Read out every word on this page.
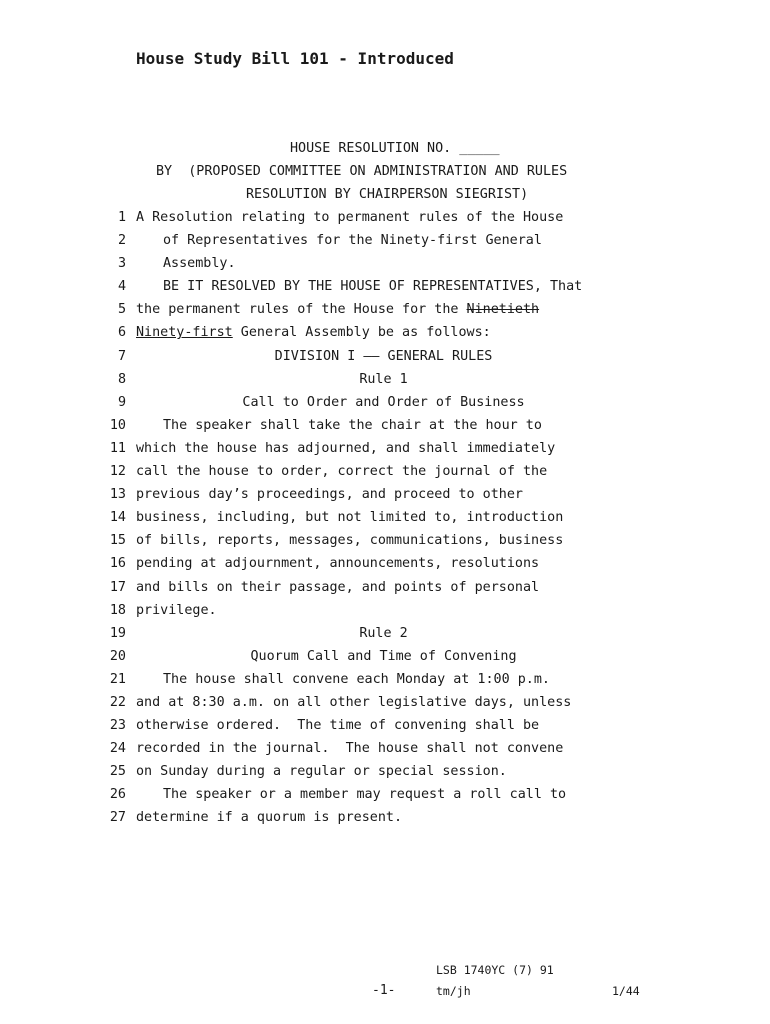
House Study Bill 101 - Introduced
HOUSE RESOLUTION NO. _____
BY  (PROPOSED COMMITTEE ON ADMINISTRATION AND RULES
RESOLUTION BY CHAIRPERSON SIEGRIST)
1 A Resolution relating to permanent rules of the House
2	of Representatives for the Ninety-first General
3	Assembly.
4	BE IT RESOLVED BY THE HOUSE OF REPRESENTATIVES, That
5 the permanent rules of the House for the Ninetieth
6 Ninety-first General Assembly be as follows:
7	DIVISION I —— GENERAL RULES
8	Rule 1
9	Call to Order and Order of Business
10	The speaker shall take the chair at the hour to
11 which the house has adjourned, and shall immediately
12 call the house to order, correct the journal of the
13 previous day’s proceedings, and proceed to other
14 business, including, but not limited to, introduction
15 of bills, reports, messages, communications, business
16 pending at adjournment, announcements, resolutions
17 and bills on their passage, and points of personal
18 privilege.
19	Rule 2
20	Quorum Call and Time of Convening
21	The house shall convene each Monday at 1:00 p.m.
22 and at 8:30 a.m. on all other legislative days, unless
23 otherwise ordered.  The time of convening shall be
24 recorded in the journal.  The house shall not convene
25 on Sunday during a regular or special session.
26	The speaker or a member may request a roll call to
27 determine if a quorum is present.
LSB 1740YC (7) 91
-1-	tm/jh	1/44
